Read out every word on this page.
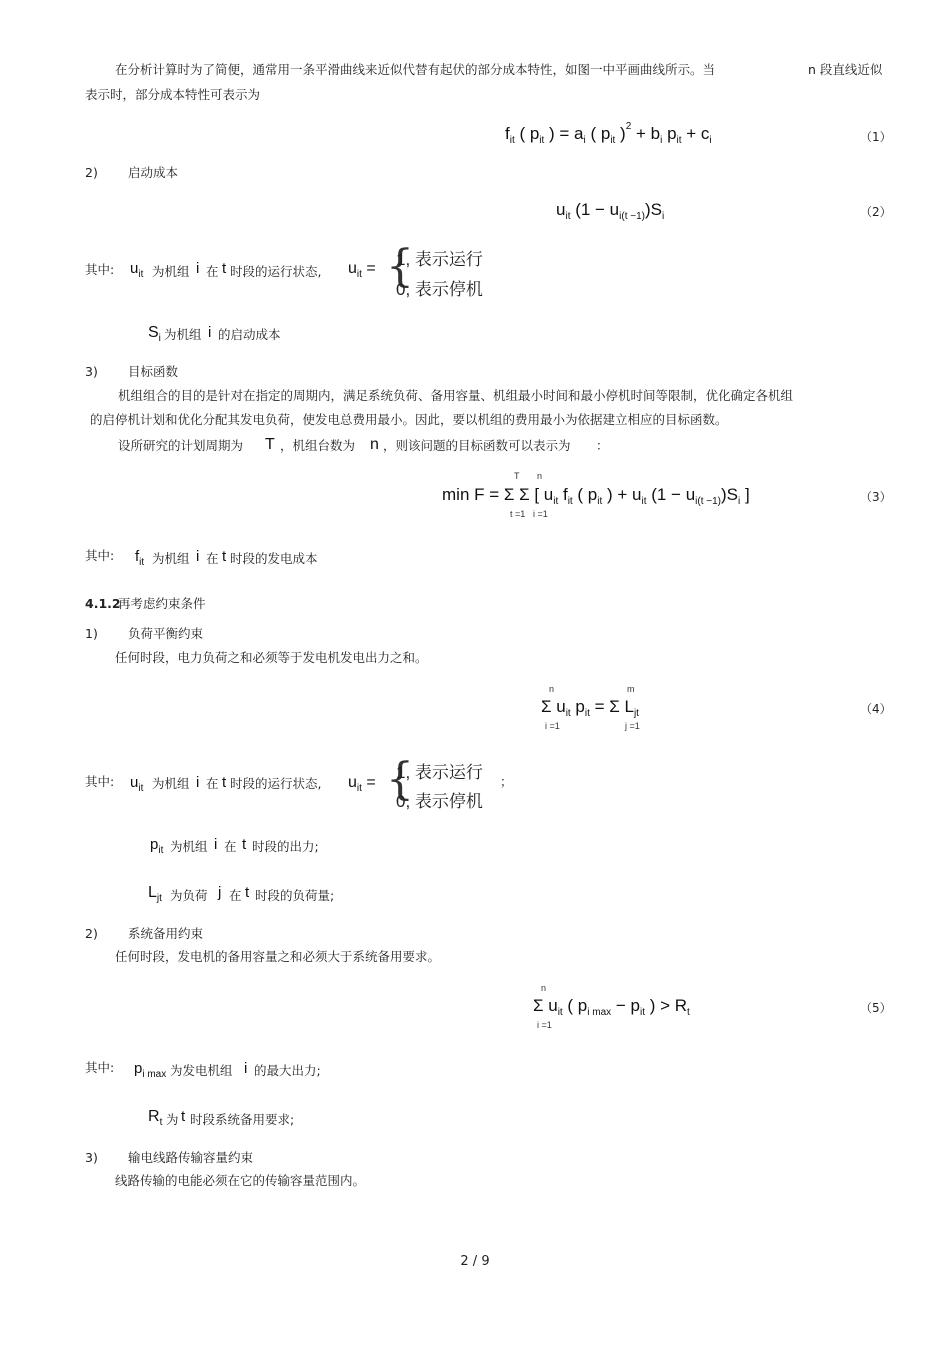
在分析计算时为了简便，通常用一条平滑曲线来近似代替有起伏的部分成本特性，如图一中平画曲线所示。当	n 段直线近似
表示时，部分成本特性可表示为
$f_{it}$ ( $p_{it}$ ) = $a_i$ ( $p_{it}$ )$^2 + b_i$ $p_{it} + c_i$	（1）
2) 启动成本
$u_{it}$ $(1 - u_{i(t -1)})S_i$	（2）
其中: $u_{it}$ 为机组 i 在 t 时段的运行状态, $u_{it}$ = {
1, 表示运行
0, 表示停机
$S_i$ 为机组 i 的启动成本
3) 目标函数
机组组合的目的是针对在指定的周期内，满足系统负荷、备用容量、机组最小时间和最小停机时间等限制，优化确定各机组
的启停机计划和优化分配其发电负荷，使发电总费用最小。因此，要以机组的费用最小为依据建立相应的目标函数。
设所研究的计划周期为 T ，机组台数为 n ，则该问题的目标函数可以表示为 ：
T n
min F = Σ Σ [ $u_{it}$ $f_{it}$ ( $p_{it}$ ) + $u_{it}$ $(1 - u_{i(t -1)})S_i$ ]
t =1 i =1
（3）
其中: $f_{it}$ 为机组 i 在 t 时段的发电成本
4.1.2
再考虑约束条件
1) 负荷平衡约束
任何时段，电力负荷之和必须等于发电机发电出力之和。
n	m
Σ $u_{it}$ $p_{it} = \Sigma$ $L_{jt}$
i =1	j =1
（4）
其中: $u_{it}$ 为机组 i 在 t 时段的运行状态, $u_{it}$ = {
1, 表示运行
0, 表示停机
；
$p_{it}$ 为机组 i 在 t 时段的出力;
$L_{jt}$ 为负荷 j 在 t 时段的负荷量;
2) 系统备用约束
任何时段，发电机的备用容量之和必须大于系统备用要求。
n
Σ $u_{it}$ ( $p_{i max} - p_{it}$ ) > $R_t$
i =1
（5）
其中: $p_{i max}$ 为发电机组 i 的最大出力;
$R_t$ 为 t 时段系统备用要求;
3) 输电线路传输容量约束
线路传输的电能必须在它的传输容量范围内。
2 / 9
